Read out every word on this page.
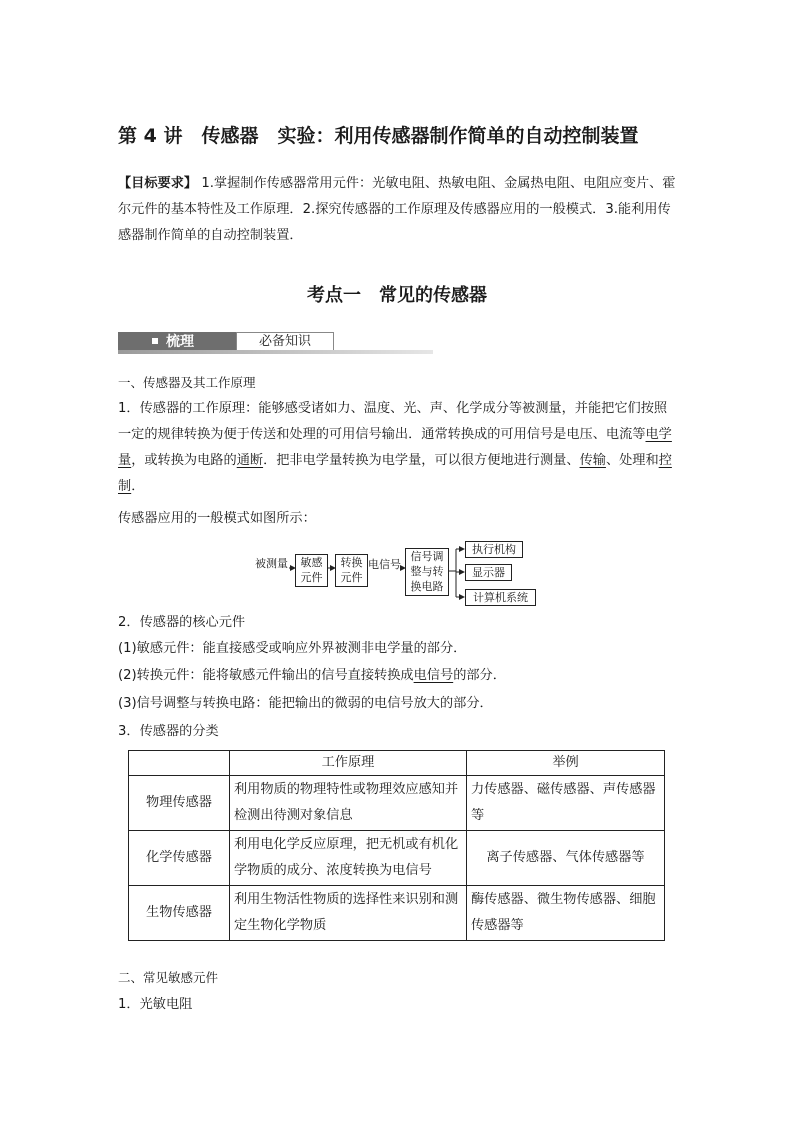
第 4 讲　传感器　实验：利用传感器制作简单的自动控制装置
【目标要求】 1.掌握制作传感器常用元件：光敏电阻、热敏电阻、金属热电阻、电阻应变片、霍尔元件的基本特性及工作原理．2.探究传感器的工作原理及传感器应用的一般模式．3.能利用传感器制作简单的自动控制装置．
考点一　常见的传感器
梳理	必备知识
一、传感器及其工作原理
1．传感器的工作原理：能够感受诸如力、温度、光、声、化学成分等被测量，并能把它们按照一定的规律转换为便于传送和处理的可用信号输出．通常转换成的可用信号是电压、电流等电学量，或转换为电路的通断．把非电学量转换为电学量，可以很方便地进行测量、传输、处理和控制．
传感器应用的一般模式如图所示：
被测量	敏感
元件
转换
元件
电信号
信号调
整与转
换电路
执行机构
显示器
计算机系统
2．传感器的核心元件
(1)敏感元件：能直接感受或响应外界被测非电学量的部分．
(2)转换元件：能将敏感元件输出的信号直接转换成电信号的部分．
(3)信号调整与转换电路：能把输出的微弱的电信号放大的部分．
3．传感器的分类
	工作原理	举例
物理传感器	利用物质的物理特性或物理效应感知并检测出待测对象信息	力传感器、磁传感器、声传感器等
化学传感器	利用电化学反应原理，把无机或有机化学物质的成分、浓度转换为电信号	离子传感器、气体传感器等
生物传感器	利用生物活性物质的选择性来识别和测定生物化学物质	酶传感器、微生物传感器、细胞传感器等
二、常见敏感元件
1．光敏电阻
